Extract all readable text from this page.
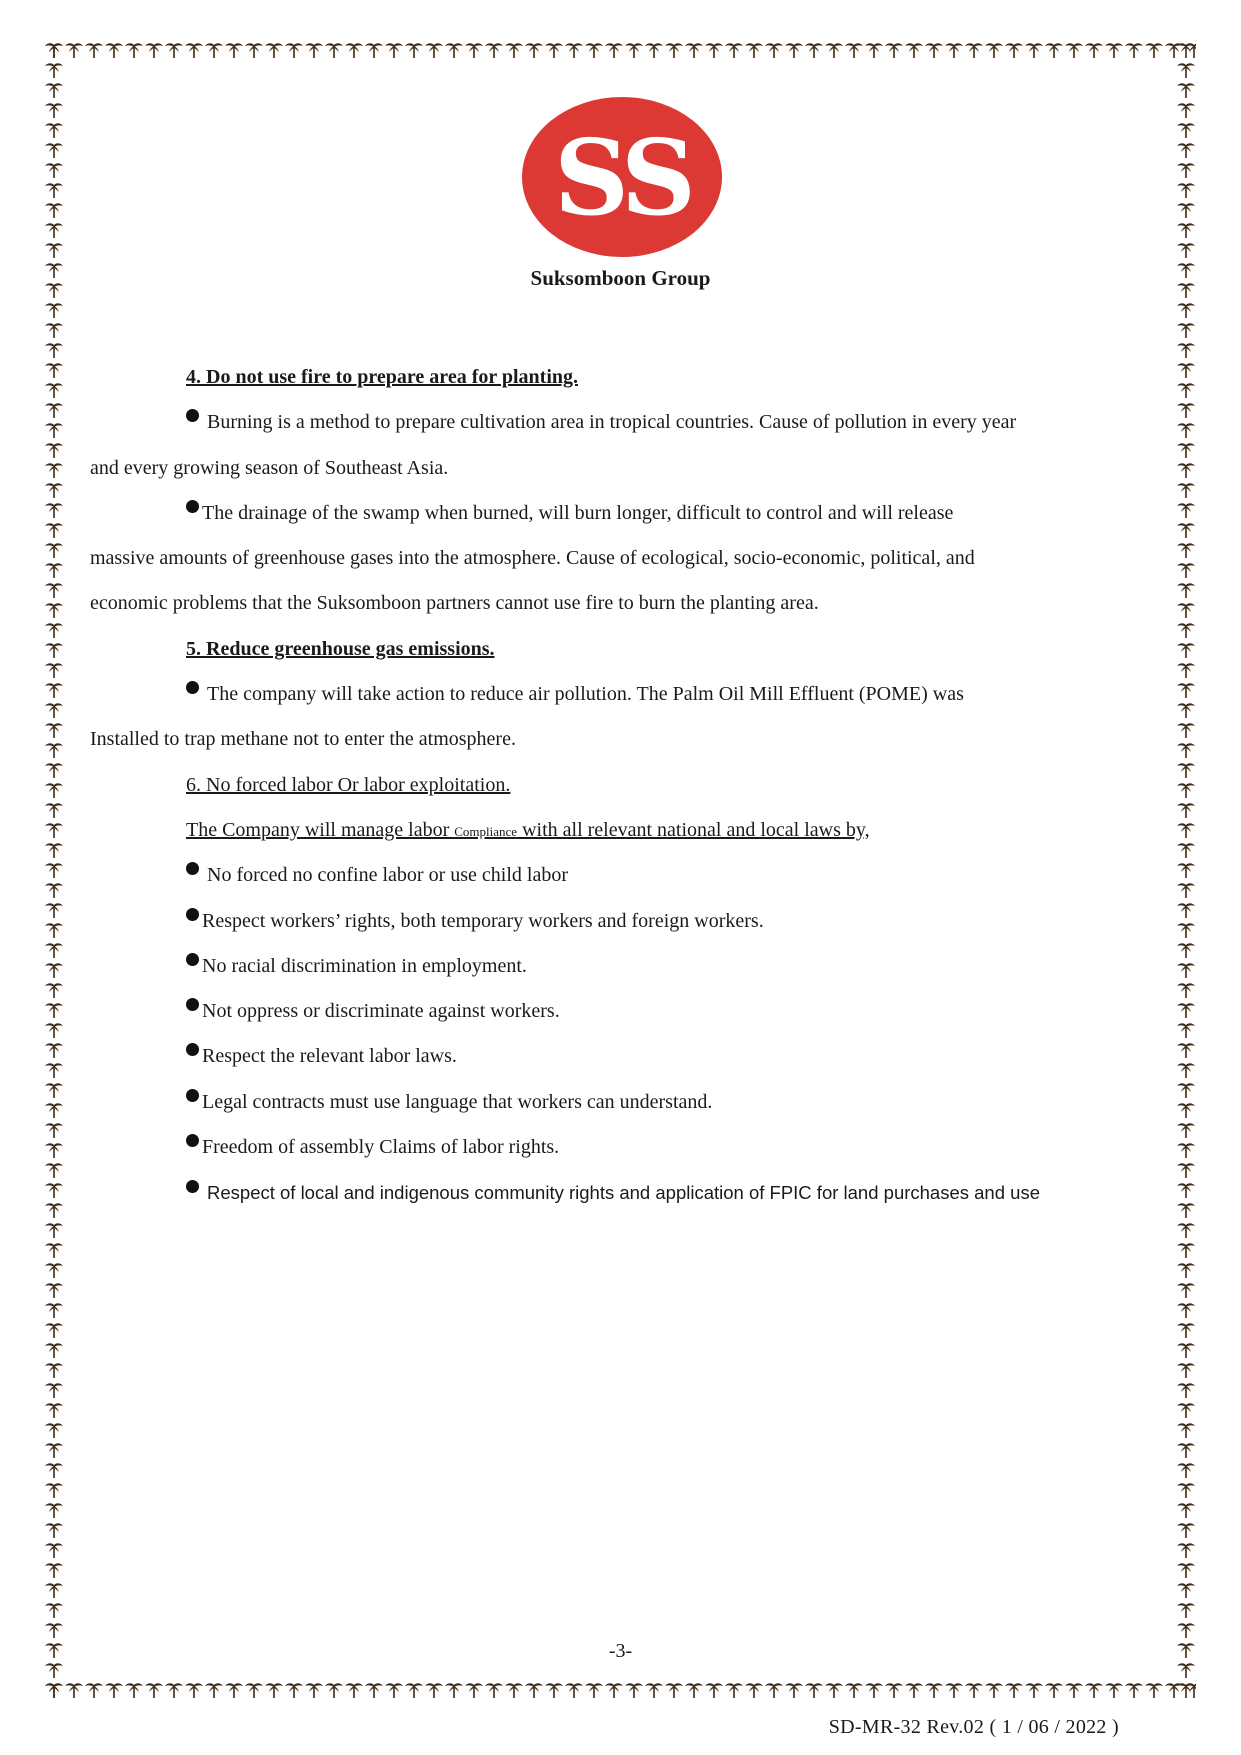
SS
Suksomboon Group
4. Do not use fire to prepare area for planting.
Burning is a method to prepare cultivation area in tropical countries. Cause of pollution in every year
and every growing season of Southeast Asia.
The drainage of the swamp when burned, will burn longer, difficult to control and will release
massive amounts of greenhouse gases into the atmosphere. Cause of ecological, socio-economic, political, and
economic problems that the Suksomboon partners cannot use fire to burn the planting area.
5. Reduce greenhouse gas emissions.
The company will take action to reduce air pollution. The Palm Oil Mill Effluent (POME) was
Installed to trap methane not to enter the atmosphere.
6. No forced labor Or labor exploitation.
The Company will manage labor Compliance with all relevant national and local laws by,
No forced no confine labor or use child labor
Respect workers’ rights, both temporary workers and foreign workers.
No racial discrimination in employment.
Not oppress or discriminate against workers.
Respect the relevant labor laws.
Legal contracts must use language that workers can understand.
Freedom of assembly Claims of labor rights.
Respect of local and indigenous community rights and application of FPIC for land purchases and use
-3-
SD-MR-32 Rev.02 ( 1 / 06 / 2022 )
